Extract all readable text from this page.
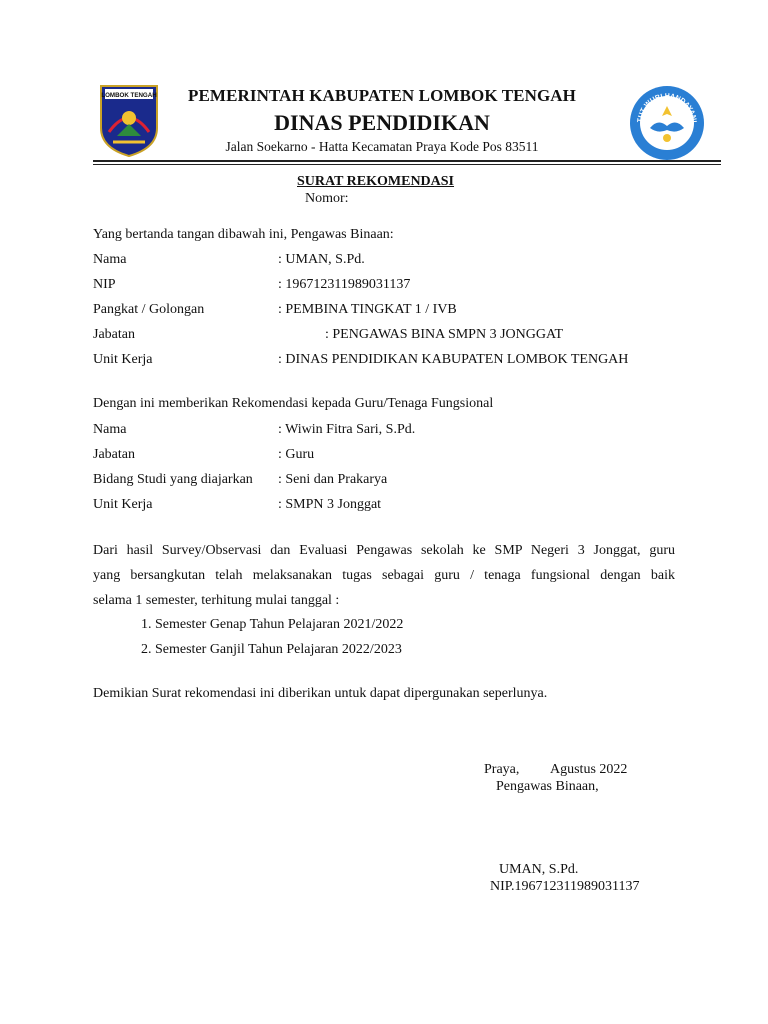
LOMBOK TENGAH
TUT WURI HANDAYANI
PEMERINTAH KABUPATEN LOMBOK TENGAH
DINAS PENDIDIKAN
Jalan Soekarno - Hatta Kecamatan Praya Kode Pos 83511
SURAT REKOMENDASI
Nomor:
Yang bertanda tangan dibawah ini, Pengawas Binaan:
Nama	: UMAN, S.Pd.
NIP	: 196712311989031137
Pangkat / Golongan	: PEMBINA TINGKAT 1 / IVB
Jabatan	: PENGAWAS BINA SMPN 3 JONGGAT
Unit Kerja	: DINAS PENDIDIKAN KABUPATEN LOMBOK TENGAH
Dengan ini memberikan Rekomendasi kepada Guru/Tenaga Fungsional
Nama	: Wiwin Fitra Sari, S.Pd.
Jabatan	: Guru
Bidang Studi yang diajarkan : Seni dan Prakarya
Unit Kerja	: SMPN 3 Jonggat
Dari hasil Survey/Observasi dan Evaluasi Pengawas sekolah ke SMP Negeri 3 Jonggat, guru
yang bersangkutan telah melaksanakan tugas sebagai guru / tenaga fungsional dengan baik
selama 1 semester, terhitung mulai tanggal :
1. Semester Genap Tahun Pelajaran 2021/2022
2. Semester Ganjil Tahun Pelajaran 2022/2023
Demikian Surat rekomendasi ini diberikan untuk dapat dipergunakan seperlunya.
Praya, Agustus 2022
Pengawas Binaan,
UMAN, S.Pd.
NIP.196712311989031137
